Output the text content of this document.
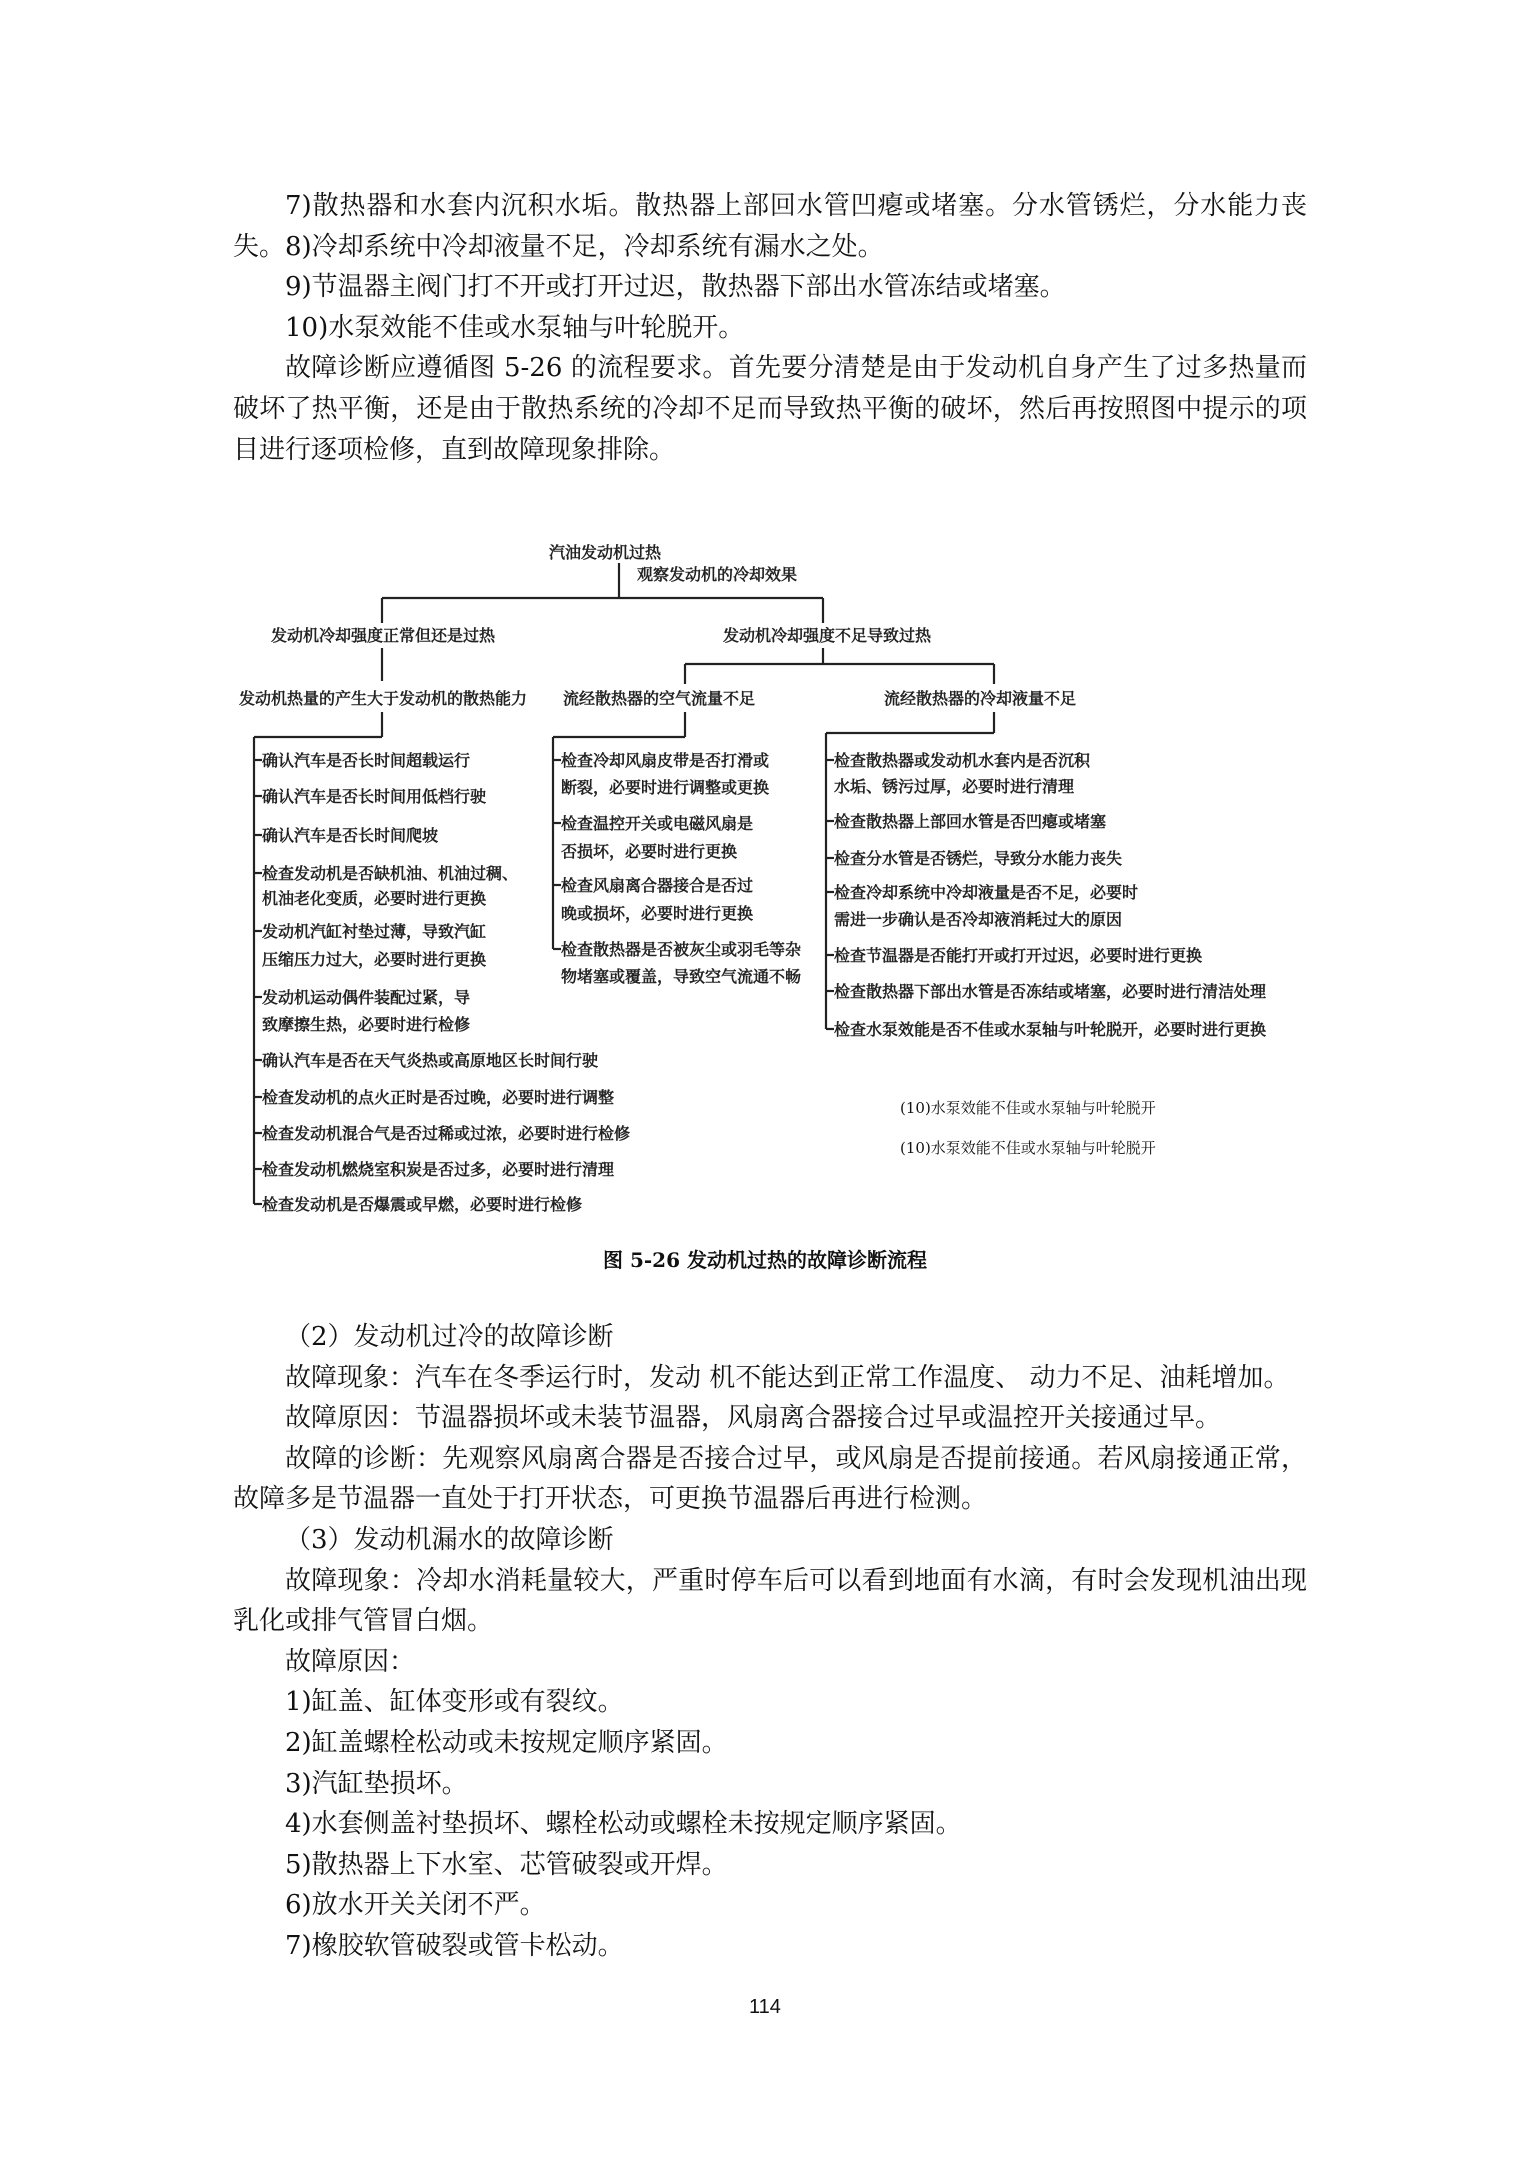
7)散热器和水套内沉积水垢。散热器上部回水管凹瘪或堵塞。分水管锈烂，分水能力丧失。 8)冷却系统中冷却液量不足，冷却系统有漏水之处。
9)节温器主阀门打不开或打开过迟，散热器下部出水管冻结或堵塞。
10)水泵效能不佳或水泵轴与叶轮脱开。
故障诊断应遵循图 5-26 的流程要求。首先要分清楚是由于发动机自身产生了过多热量而破坏了热平衡，还是由于散热系统的冷却不足而导致热平衡的破坏，然后再按照图中提示的项目进行逐项检修，直到故障现象排除。
汽油发动机过热
观察发动机的冷却效果
发动机冷却强度正常但还是过热
发动机热量的产生大于发动机的散热能力
发动机冷却强度不足导致过热
流经散热器的空气流量不足	流经散热器的冷却液量不足
确认汽车是否长时间超载运行
确认汽车是否长时间用低档行驶
确认汽车是否长时间爬坡
检查发动机是否缺机油、机油过稠、
机油老化变质，必要时进行更换
发动机汽缸衬垫过薄，导致汽缸
压缩压力过大，必要时进行更换
发动机运动偶件装配过紧，导
致摩擦生热，必要时进行检修
确认汽车是否在天气炎热或高原地区长时间行驶
检查发动机的点火正时是否过晚，必要时进行调整
检查发动机混合气是否过稀或过浓，必要时进行检修
检查发动机燃烧室积炭是否过多，必要时进行清理
检查发动机是否爆震或早燃，必要时进行检修
检查冷却风扇皮带是否打滑或
断裂，必要时进行调整或更换
检查温控开关或电磁风扇是
否损坏，必要时进行更换
检查风扇离合器接合是否过
晚或损坏，必要时进行更换
检查散热器是否被灰尘或羽毛等杂
物堵塞或覆盖，导致空气流通不畅
检查散热器或发动机水套内是否沉积
水垢、锈污过厚，必要时进行清理
检查散热器上部回水管是否凹瘪或堵塞
检查分水管是否锈烂，导致分水能力丧失
检查冷却系统中冷却液量是否不足，必要时
需进一步确认是否冷却液消耗过大的原因
检查节温器是否能打开或打开过迟，必要时进行更换
检查散热器下部出水管是否冻结或堵塞，必要时进行清洁处理
检查水泵效能是否不佳或水泵轴与叶轮脱开，必要时进行更换
(10)水泵效能不佳或水泵轴与叶轮脱开
(10)水泵效能不佳或水泵轴与叶轮脱开
图 5-26 发动机过热的故障诊断流程
（2）发动机过冷的故障诊断
故障现象：汽车在冬季运行时，发动 机不能达到正常工作温度、 动力不足、油耗增加。
故障原因：节温器损坏或未装节温器，风扇离合器接合过早或温控开关接通过早。
故障的诊断：先观察风扇离合器是否接合过早，或风扇是否提前接通。若风扇接通正常，故障多是节温器一直处于打开状态，可更换节温器后再进行检测。
（3）发动机漏水的故障诊断
故障现象：冷却水消耗量较大，严重时停车后可以看到地面有水滴，有时会发现机油出现乳化或排气管冒白烟。
故障原因：
1)缸盖、缸体变形或有裂纹。
2)缸盖螺栓松动或未按规定顺序紧固。
3)汽缸垫损坏。
4)水套侧盖衬垫损坏、螺栓松动或螺栓未按规定顺序紧固。
5)散热器上下水室、芯管破裂或开焊。
6)放水开关关闭不严。
7)橡胶软管破裂或管卡松动。
114
